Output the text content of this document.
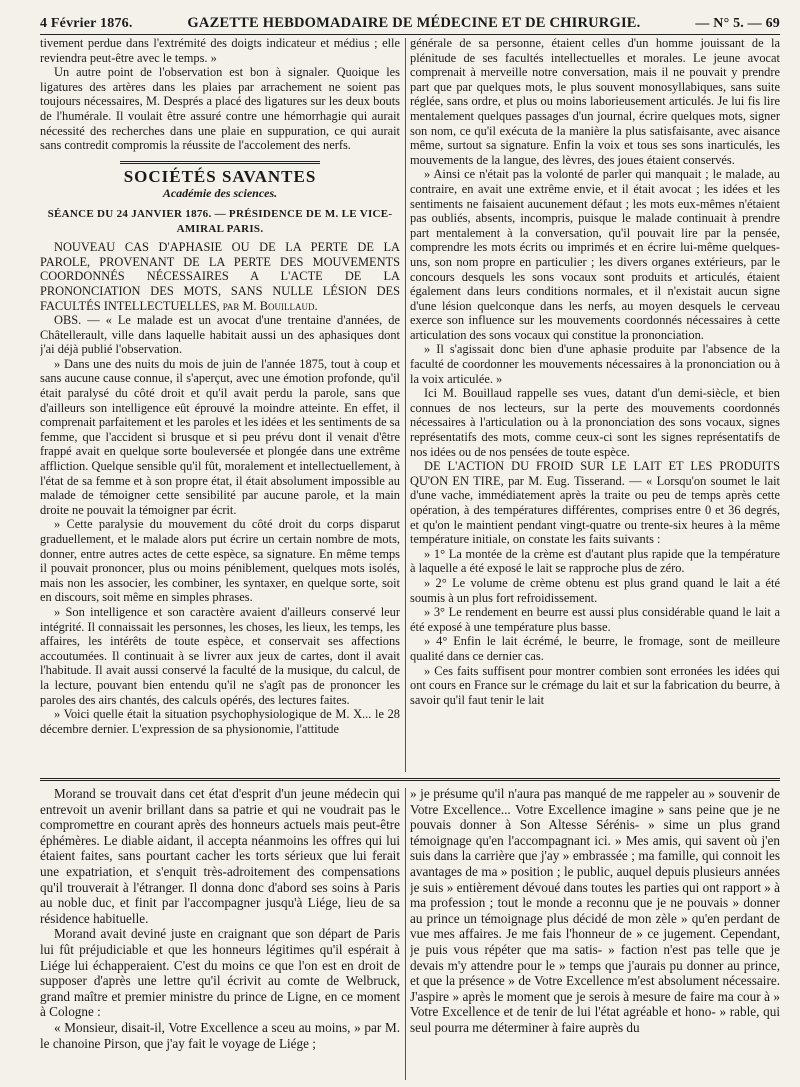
4 Février 1876.	GAZETTE HEBDOMADAIRE DE MÉDECINE ET DE CHIRURGIE.	— N° 5. — 69

tivement perdue dans l'extrémité des doigts indicateur et médius ; elle reviendra peut-être avec le temps. »

Un autre point de l'observation est bon à signaler. Quoique les ligatures des artères dans les plaies par arrachement ne soient pas toujours nécessaires, M. Després a placé des ligatures sur les deux bouts de l'humérale. Il voulait être assuré contre une hémorrhagie qui aurait nécessité des recherches dans une plaie en suppuration, ce qui aurait sans contredit compromis la réussite de l'accolement des nerfs.

SOCIÉTÉS SAVANTES
Académie des sciences.
SÉANCE DU 24 JANVIER 1876. — PRÉSIDENCE DE M. LE VICE-AMIRAL PARIS.

NOUVEAU CAS D'APHASIE OU DE LA PERTE DE LA PAROLE, PROVENANT DE LA PERTE DES MOUVEMENTS COORDONNÉS NÉCESSAIRES A L'ACTE DE LA PRONONCIATION DES MOTS, SANS NULLE LÉSION DES FACULTÉS INTELLECTUELLES, par M. Bouillaud.

OBS. — « Le malade est un avocat d'une trentaine d'années, de Châtellerault, ville dans laquelle habitait aussi un des aphasiques dont j'ai déjà publié l'observation.

» Dans une des nuits du mois de juin de l'année 1875, tout à coup et sans aucune cause connue, il s'aperçut, avec une émotion profonde, qu'il était paralysé du côté droit et qu'il avait perdu la parole, sans que d'ailleurs son intelligence eût éprouvé la moindre atteinte. En effet, il comprenait parfaitement et les paroles et les idées et les sentiments de sa femme, que l'accident si brusque et si peu prévu dont il venait d'être frappé avait en quelque sorte bouleversée et plongée dans une extrême affliction. Quelque sensible qu'il fût, moralement et intellectuellement, à l'état de sa femme et à son propre état, il était absolument impossible au malade de témoigner cette sensibilité par aucune parole, et la main droite ne pouvait la témoigner par écrit.

» Cette paralysie du mouvement du côté droit du corps disparut graduellement, et le malade alors put écrire un certain nombre de mots, donner, entre autres actes de cette espèce, sa signature. En même temps il pouvait prononcer, plus ou moins péniblement, quelques mots isolés, mais non les associer, les combiner, les syntaxer, en quelque sorte, soit en discours, soit même en simples phrases.

» Son intelligence et son caractère avaient d'ailleurs conservé leur intégrité. Il connaissait les personnes, les choses, les lieux, les temps, les affaires, les intérêts de toute espèce, et conservait ses affections accoutumées. Il continuait à se livrer aux jeux de cartes, dont il avait l'habitude. Il avait aussi conservé la faculté de la musique, du calcul, de la lecture, pouvant bien entendu qu'il ne s'agît pas de prononcer les paroles des airs chantés, des calculs opérés, des lectures faites.

» Voici quelle était la situation psychophysiologique de M. X... le 28 décembre dernier. L'expression de sa physionomie, l'attitude

générale de sa personne, étaient celles d'un homme jouissant de la plénitude de ses facultés intellectuelles et morales. Le jeune avocat comprenait à merveille notre conversation, mais il ne pouvait y prendre part que par quelques mots, le plus souvent monosyllabiques, sans suite réglée, sans ordre, et plus ou moins laborieusement articulés. Je lui fis lire mentalement quelques passages d'un journal, écrire quelques mots, signer son nom, ce qu'il exécuta de la manière la plus satisfaisante, avec aisance même, surtout sa signature. Enfin la voix et tous ses sons inarticulés, les mouvements de la langue, des lèvres, des joues étaient conservés.

» Ainsi ce n'était pas la volonté de parler qui manquait ; le malade, au contraire, en avait une extrême envie, et il était avocat ; les idées et les sentiments ne faisaient aucunement défaut ; les mots eux-mêmes n'étaient pas oubliés, absents, incompris, puisque le malade continuait à prendre part mentalement à la conversation, qu'il pouvait lire par la pensée, comprendre les mots écrits ou imprimés et en écrire lui-même quelques-uns, son nom propre en particulier ; les divers organes extérieurs, par le concours desquels les sons vocaux sont produits et articulés, étaient également dans leurs conditions normales, et il n'existait aucun signe d'une lésion quelconque dans les nerfs, au moyen desquels le cerveau exerce son influence sur les mouvements coordonnés nécessaires à cette articulation des sons vocaux qui constitue la prononciation.

» Il s'agissait donc bien d'une aphasie produite par l'absence de la faculté de coordonner les mouvements nécessaires à la prononciation ou à la voix articulée. »

Ici M. Bouillaud rappelle ses vues, datant d'un demi-siècle, et bien connues de nos lecteurs, sur la perte des mouvements coordonnés nécessaires à l'articulation ou à la prononciation des sons vocaux, signes représentatifs des mots, comme ceux-ci sont les signes représentatifs de nos idées ou de nos pensées de toute espèce.

DE L'ACTION DU FROID SUR LE LAIT ET LES PRODUITS QU'ON EN TIRE, par M. Eug. Tisserand. — « Lorsqu'on soumet le lait d'une vache, immédiatement après la traite ou peu de temps après cette opération, à des températures différentes, comprises entre 0 et 36 degrés, et qu'on le maintient pendant vingt-quatre ou trente-six heures à la même température initiale, on constate les faits suivants :

» 1° La montée de la crème est d'autant plus rapide que la température à laquelle a été exposé le lait se rapproche plus de zéro.

» 2° Le volume de crème obtenu est plus grand quand le lait a été soumis à un plus fort refroidissement.

» 3° Le rendement en beurre est aussi plus considérable quand le lait a été exposé à une température plus basse.

» 4° Enfin le lait écrémé, le beurre, le fromage, sont de meilleure qualité dans ce dernier cas.

» Ces faits suffisent pour montrer combien sont erronées les idées qui ont cours en France sur le crémage du lait et sur la fabrication du beurre, à savoir qu'il faut tenir le lait

Morand se trouvait dans cet état d'esprit d'un jeune médecin qui entrevoit un avenir brillant dans sa patrie et qui ne voudrait pas le compromettre en courant après des honneurs actuels mais peut-être éphémères. Le diable aidant, il accepta néanmoins les offres qui lui étaient faites, sans pourtant cacher les torts sérieux que lui ferait une expatriation, et s'enquit très-adroitement des compensations qu'il trouverait à l'étranger. Il donna donc d'abord ses soins à Paris au noble duc, et finit par l'accompagner jusqu'à Liége, lieu de sa résidence habituelle.

Morand avait deviné juste en craignant que son départ de Paris lui fût préjudiciable et que les honneurs légitimes qu'il espérait à Liége lui échapperaient. C'est du moins ce que l'on est en droit de supposer d'après une lettre qu'il écrivit au comte de Welbruck, grand maître et premier ministre du prince de Ligne, en ce moment à Cologne :

« Monsieur, disait-il, Votre Excellence a sceu au moins, » par M. le chanoine Pirson, que j'ay fait le voyage de Liége ;

» je présume qu'il n'aura pas manqué de me rappeler au » souvenir de Votre Excellence... Votre Excellence imagine » sans peine que je ne pouvais donner à Son Altesse Sérénis- » sime un plus grand témoignage qu'en l'accompagnant ici. » Mes amis, qui savent où j'en suis dans la carrière que j'ay » embrassée ; ma famille, qui connoit les avantages de ma » position ; le public, auquel depuis plusieurs années je suis » entièrement dévoué dans toutes les parties qui ont rapport » à ma profession ; tout le monde a reconnu que je ne pouvais » donner au prince un témoignage plus décidé de mon zèle » qu'en perdant de vue mes affaires. Je me fais l'honneur de » ce jugement. Cependant, je puis vous répéter que ma satis- » faction n'est pas telle que je devais m'y attendre pour le » temps que j'aurais pu donner au prince, et que la présence » de Votre Excellence m'est absolument nécessaire. J'aspire » après le moment que je serois à mesure de faire ma cour à » Votre Excellence et de tenir de lui l'état agréable et hono- » rable, qui seul pourra me déterminer à faire auprès du
